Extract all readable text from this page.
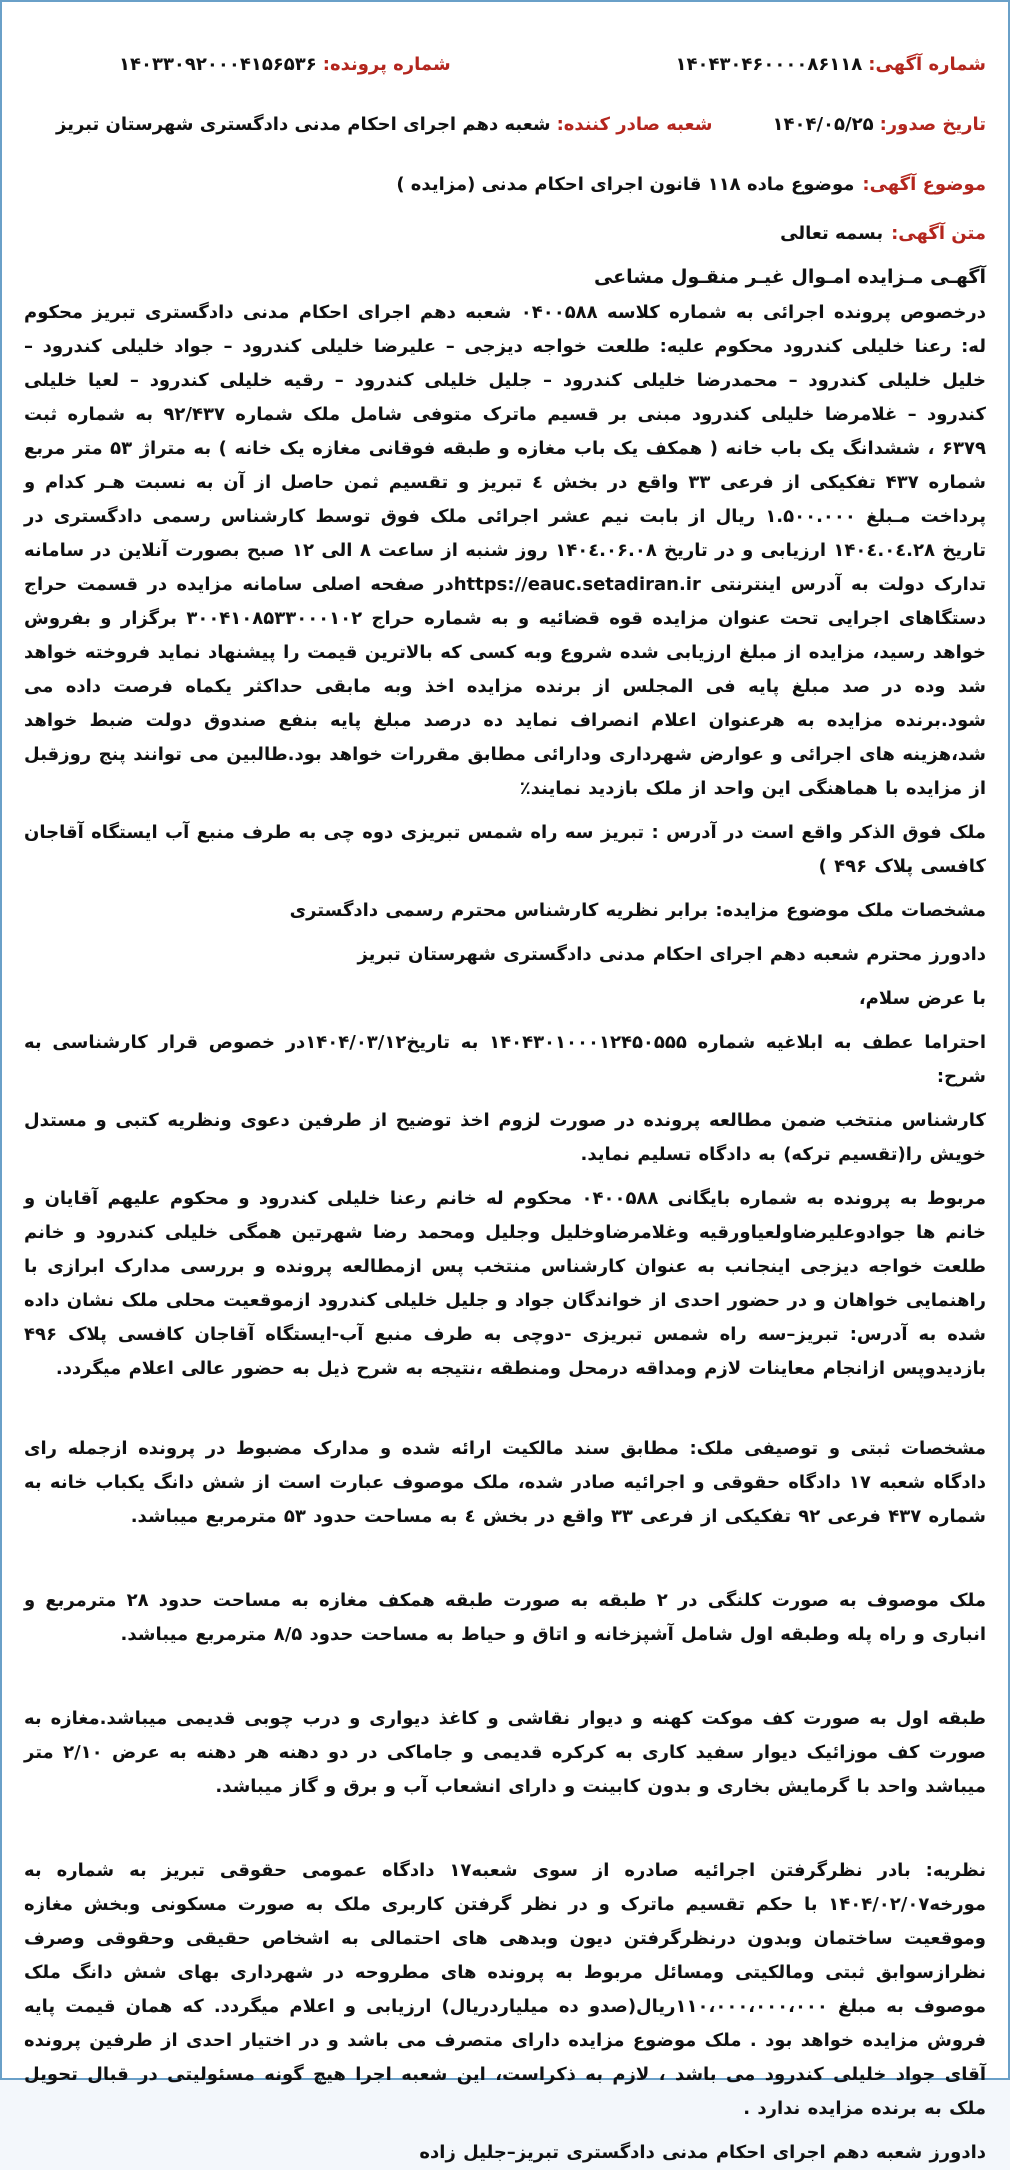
شماره آگهی:
۱۴۰۴۳۰۴۶۰۰۰۰۸۶۱۱۸
شماره پرونده:
۱۴۰۳۳۰۹۲۰۰۰۴۱۵۶۵۳۶
تاریخ صدور:
۱۴۰۴/۰۵/۲۵
شعبه صادر کننده:
شعبه دهم اجرای احکام مدنی دادگستری شهرستان تبریز
موضوع آگهی:
موضوع ماده ۱۱۸ قانون اجرای احکام مدنی (مزایده )
متن آگهی:
بسمه تعالی
آگهـی مـزایده امـوال غیـر منقـول مشاعی

درخصوص پرونده اجرائی به شماره کلاسه ۰۴۰۰۵۸۸ شعبه دهم اجرای احکام مدنی دادگستری تبریز محکوم له: رعنا خلیلی کندرود محکوم علیه: طلعت خواجه دیزجی – علیرضا خلیلی کندرود – جواد خلیلی کندرود – خلیل خلیلی کندرود – محمدرضا خلیلی کندرود – جلیل خلیلی کندرود – رقیه خلیلی کندرود – لعیا خلیلی کندرود – غلامرضا خلیلی کندرود مبنی بر قسیم ماترک متوفی شامل ملک شماره ۹۲/۴۳۷ به شماره ثبت ۶۳۷۹ ، ششدانگ یک باب خانه ( همکف یک باب مغازه و طبقه فوقانی مغازه یک خانه ) به متراژ ۵۳ متر مربع شماره ۴۳۷ تفکیکی از فرعی ۳۳ واقع در بخش ٤ تبریز و تقسیم ثمن حاصل از آن به نسبت هـر کدام و پرداخت مـبلغ ۱.۵۰۰.۰۰۰ ریال از بابت نیم عشر اجرائی ملک فوق توسط کارشناس رسمی دادگستری در تاریخ ۱۴۰٤.۰٤.۲۸ ارزیابی و در تاریخ ۱۴۰٤.۰۶.۰۸ روز شنبه از ساعت ۸ الی ۱۲ صبح بصورت آنلاین در سامانه تدارک دولت به آدرس اینترنتی https://eauc.setadiran.irدر صفحه اصلی سامانه مزایده در قسمت حراج دستگاهای اجرایی تحت عنوان مزایده قوه قضائیه و به شماره حراج ۳۰۰۴۱۰۸۵۳۳۰۰۰۱۰۲ برگزار و بفروش خواهد رسید، مزایده از مبلغ ارزیابی شده شروع وبه کسی که بالاترین قیمت را پیشنهاد نماید فروخته خواهد شد وده در صد مبلغ پایه فی المجلس از برنده مزایده اخذ وبه مابقی حداکثر یکماه فرصت داده می شود.برنده مزایده به هرعنوان اعلام انصراف نماید ده درصد مبلغ پایه بنفع صندوق دولت ضبط خواهد شد،هزینه های اجرائی و عوارض شهرداری ودارائی مطابق مقررات خواهد بود.طالبین می توانند پنج روزقبل از مزایده با هماهنگی این واحد از ملک بازدید نمایند٪

ملک فوق الذکر واقع است در آدرس : تبریز سه راه شمس تبریزی دوه چی به طرف منبع آب ایستگاه آقاجان کافسی پلاک ۴۹۶ )

مشخصات ملک موضوع مزایده: برابر نظریه کارشناس محترم رسمی دادگستری

دادورز محترم شعبه دهم اجرای احکام مدنی دادگستری شهرستان تبریز

با عرض سلام،

احتراما عطف به ابلاغیه شماره ۱۴۰۴۳۰۱۰۰۰۱۲۴۵۰۵۵۵ به تاریخ۱۴۰۴/۰۳/۱۲در خصوص قرار کارشناسی به شرح:

کارشناس منتخب ضمن مطالعه پرونده در صورت لزوم اخذ توضیح از طرفین دعوی ونظریه کتبی و مستدل خویش را(تقسیم ترکه) به دادگاه تسلیم نماید.

مربوط به پرونده به شماره بایگانی ۰۴۰۰۵۸۸ محکوم له خانم رعنا خلیلی کندرود و محکوم علیهم آقایان و خانم ها جوادوعلیرضاولعیاورقیه وغلامرضاوخلیل وجلیل ومحمد رضا شهرتین همگی خلیلی کندرود و خانم طلعت خواجه دیزجی اینجانب به عنوان کارشناس منتخب پس ازمطالعه پرونده و بررسی مدارک ابرازی با راهنمایی خواهان و در حضور احدی از خواندگان جواد و جلیل خلیلی کندرود ازموقعیت محلی ملک نشان داده شده به آدرس: تبریز–سه راه شمس تبریزی -دوچی به طرف منبع آب-ایستگاه آقاجان کافسی پلاک ۴۹۶ بازدیدوپس ازانجام معاینات لازم ومداقه درمحل ومنطقه ،نتیجه به شرح ذیل به حضور عالی اعلام میگردد.

مشخصات ثبتی و توصیفی ملک: مطابق سند مالکیت ارائه شده و مدارک مضبوط در پرونده ازجمله رای دادگاه شعبه ۱۷ دادگاه حقوقی و اجرائیه صادر شده، ملک موصوف عبارت است از شش دانگ یکباب خانه به شماره ۴۳۷ فرعی ۹۲ تفکیکی از فرعی ۳۳ واقع در بخش ٤ به مساحت حدود ۵۳ مترمربع میباشد.

ملک موصوف به صورت کلنگی در ۲ طبقه به صورت طبقه همکف مغازه به مساحت حدود ۲۸ مترمربع و انباری و راه پله وطبقه اول شامل آشپزخانه و اتاق و حیاط به مساحت حدود ۸/۵ مترمربع میباشد.

طبقه اول به صورت کف موکت کهنه و دیوار نقاشی و کاغذ دیواری و درب چوبی قدیمی میباشد.مغازه به صورت کف موزائیک دیوار سفید کاری به کرکره قدیمی و جاماکی در دو دهنه هر دهنه به عرض ۲/۱۰ متر میباشد واحد با گرمایش بخاری و بدون کابینت و دارای انشعاب آب و برق و گاز میباشد.

نظریه: بادر نظرگرفتن اجرائیه صادره از سوی شعبه۱۷ دادگاه عمومی حقوقی تبریز به شماره به مورخه۱۴۰۴/۰۲/۰۷ با حکم تقسیم ماترک و در نظر گرفتن کاربری ملک به صورت مسکونی وبخش مغازه وموقعیت ساختمان وبدون درنظرگرفتن دیون وبدهی های احتمالی به اشخاص حقیقی وحقوقی وصرف نظرازسوابق ثبتی ومالکیتی ومسائل مربوط به پرونده های مطروحه در شهرداری بهای شش دانگ ملک موصوف به مبلغ ۱۱۰،۰۰۰،۰۰۰،۰۰۰ریال(صدو ده میلیاردریال) ارزیابی و اعلام میگردد. که همان قیمت پایه فروش مزایده خواهد بود . ملک موضوع مزایده دارای متصرف می باشد و در اختیار احدی از طرفین پرونده آقای جواد خلیلی کندرود می باشد ، لازم به ذکراست، این شعبه اجرا هیچ گونه مسئولیتی در قبال تحویل ملک به برنده مزایده ندارد .

دادورز شعبه دهم اجرای احکام مدنی دادگستری تبریز–جلیل زاده
